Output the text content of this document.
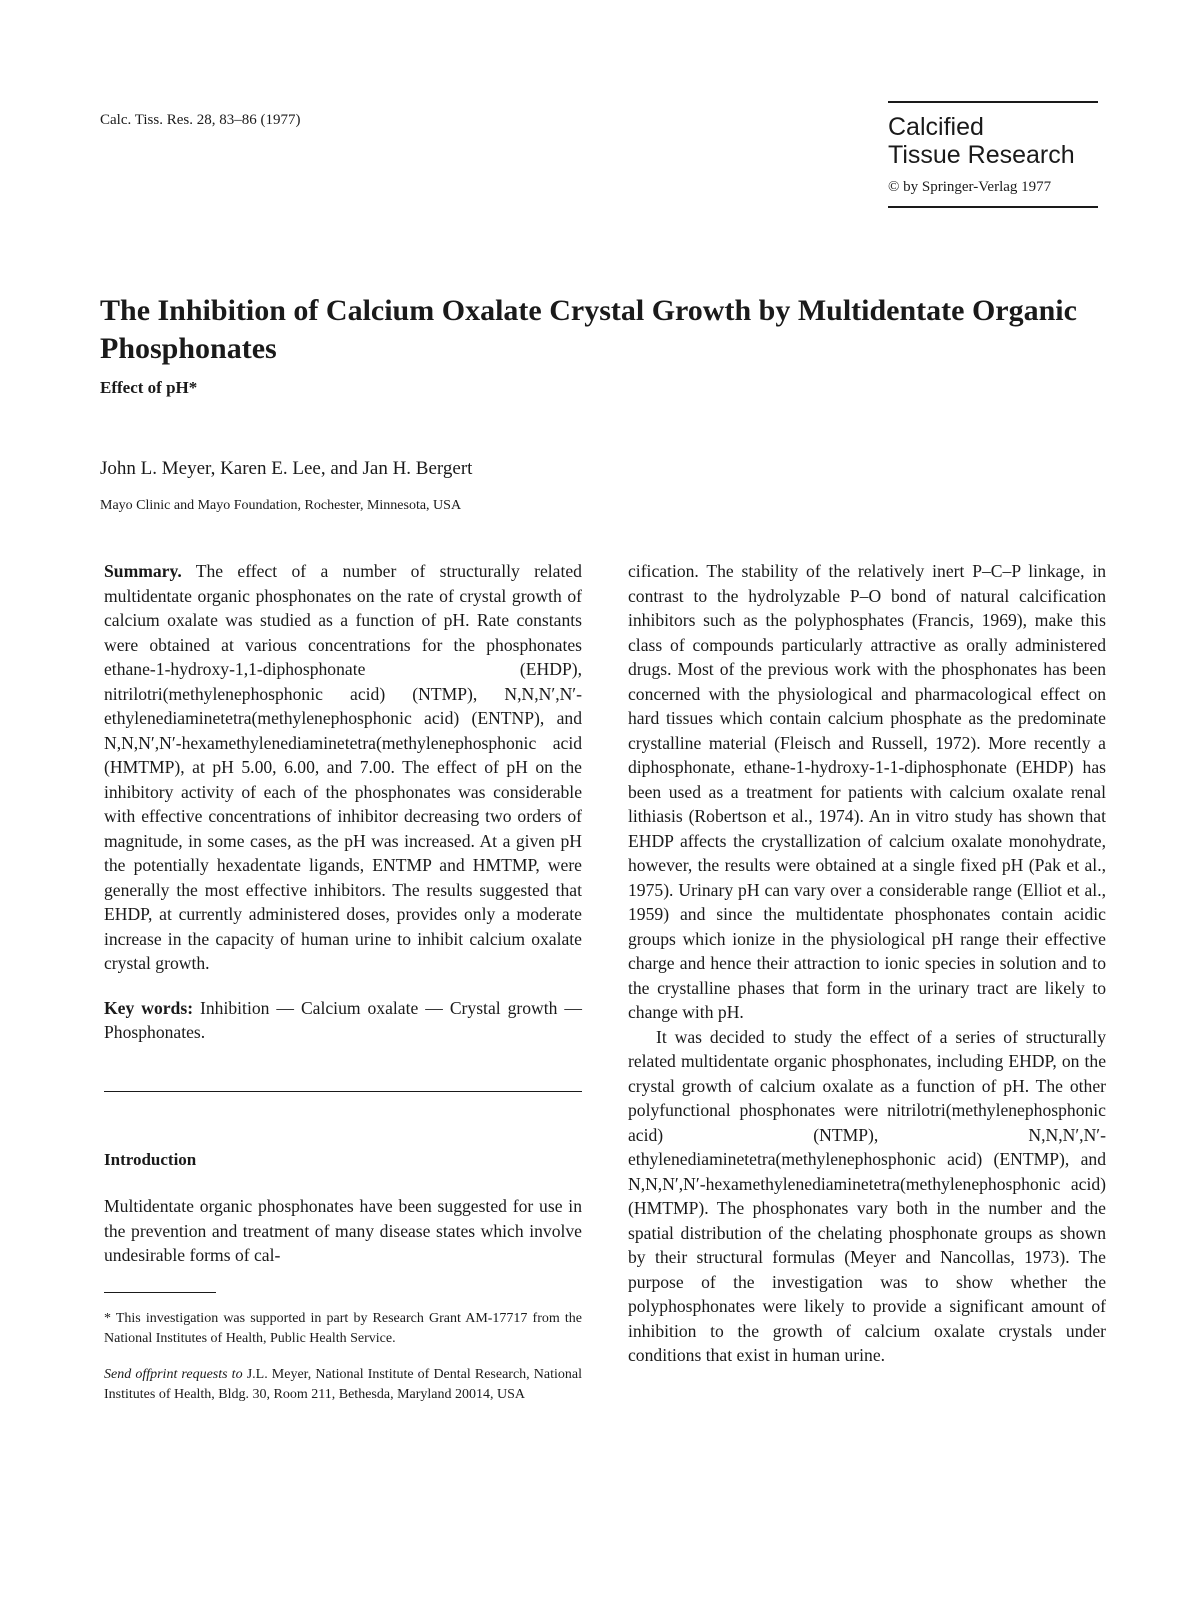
Calc. Tiss. Res. 28, 83–86 (1977)	Calcified
Tissue Research
© by Springer-Verlag 1977
The Inhibition of Calcium Oxalate Crystal Growth by Multidentate Organic Phosphonates
Effect of pH*
John L. Meyer, Karen E. Lee, and Jan H. Bergert
Mayo Clinic and Mayo Foundation, Rochester, Minnesota, USA

Summary. The effect of a number of structurally related multidentate organic phosphonates on the rate of crystal growth of calcium oxalate was studied as a function of pH. Rate constants were obtained at various concentrations for the phosphonates ethane-1-hydroxy-1,1-diphosphonate (EHDP), nitrilotri(methylenephosphonic acid) (NTMP), N,N,N′,N′-ethylenediaminetetra(methylenephosphonic acid) (ENTNP), and N,N,N′,N′-hexamethylenediaminetetra(methylenephosphonic acid (HMTMP), at pH 5.00, 6.00, and 7.00. The effect of pH on the inhibitory activity of each of the phosphonates was considerable with effective concentrations of inhibitor decreasing two orders of magnitude, in some cases, as the pH was increased. At a given pH the potentially hexadentate ligands, ENTMP and HMTMP, were generally the most effective inhibitors. The results suggested that EHDP, at currently administered doses, provides only a moderate increase in the capacity of human urine to inhibit calcium oxalate crystal growth.

Key words: Inhibition — Calcium oxalate — Crystal growth — Phosphonates.

Introduction

Multidentate organic phosphonates have been suggested for use in the prevention and treatment of many disease states which involve undesirable forms of cal-

* This investigation was supported in part by Research Grant AM-17717 from the National Institutes of Health, Public Health Service.

Send offprint requests to J.L. Meyer, National Institute of Dental Research, National Institutes of Health, Bldg. 30, Room 211, Bethesda, Maryland 20014, USA

cification. The stability of the relatively inert P–C–P linkage, in contrast to the hydrolyzable P–O bond of natural calcification inhibitors such as the polyphosphates (Francis, 1969), make this class of compounds particularly attractive as orally administered drugs. Most of the previous work with the phosphonates has been concerned with the physiological and pharmacological effect on hard tissues which contain calcium phosphate as the predominate crystalline material (Fleisch and Russell, 1972). More recently a diphosphonate, ethane-1-hydroxy-1-1-diphosphonate (EHDP) has been used as a treatment for patients with calcium oxalate renal lithiasis (Robertson et al., 1974). An in vitro study has shown that EHDP affects the crystallization of calcium oxalate monohydrate, however, the results were obtained at a single fixed pH (Pak et al., 1975). Urinary pH can vary over a considerable range (Elliot et al., 1959) and since the multidentate phosphonates contain acidic groups which ionize in the physiological pH range their effective charge and hence their attraction to ionic species in solution and to the crystalline phases that form in the urinary tract are likely to change with pH.

It was decided to study the effect of a series of structurally related multidentate organic phosphonates, including EHDP, on the crystal growth of calcium oxalate as a function of pH. The other polyfunctional phosphonates were nitrilotri(methylenephosphonic acid) (NTMP), N,N,N′,N′-ethylenediaminetetra(methylenephosphonic acid) (ENTMP), and N,N,N′,N′-hexamethylenediaminetetra(methylenephosphonic acid) (HMTMP). The phosphonates vary both in the number and the spatial distribution of the chelating phosphonate groups as shown by their structural formulas (Meyer and Nancollas, 1973). The purpose of the investigation was to show whether the polyphosphonates were likely to provide a significant amount of inhibition to the growth of calcium oxalate crystals under conditions that exist in human urine.
